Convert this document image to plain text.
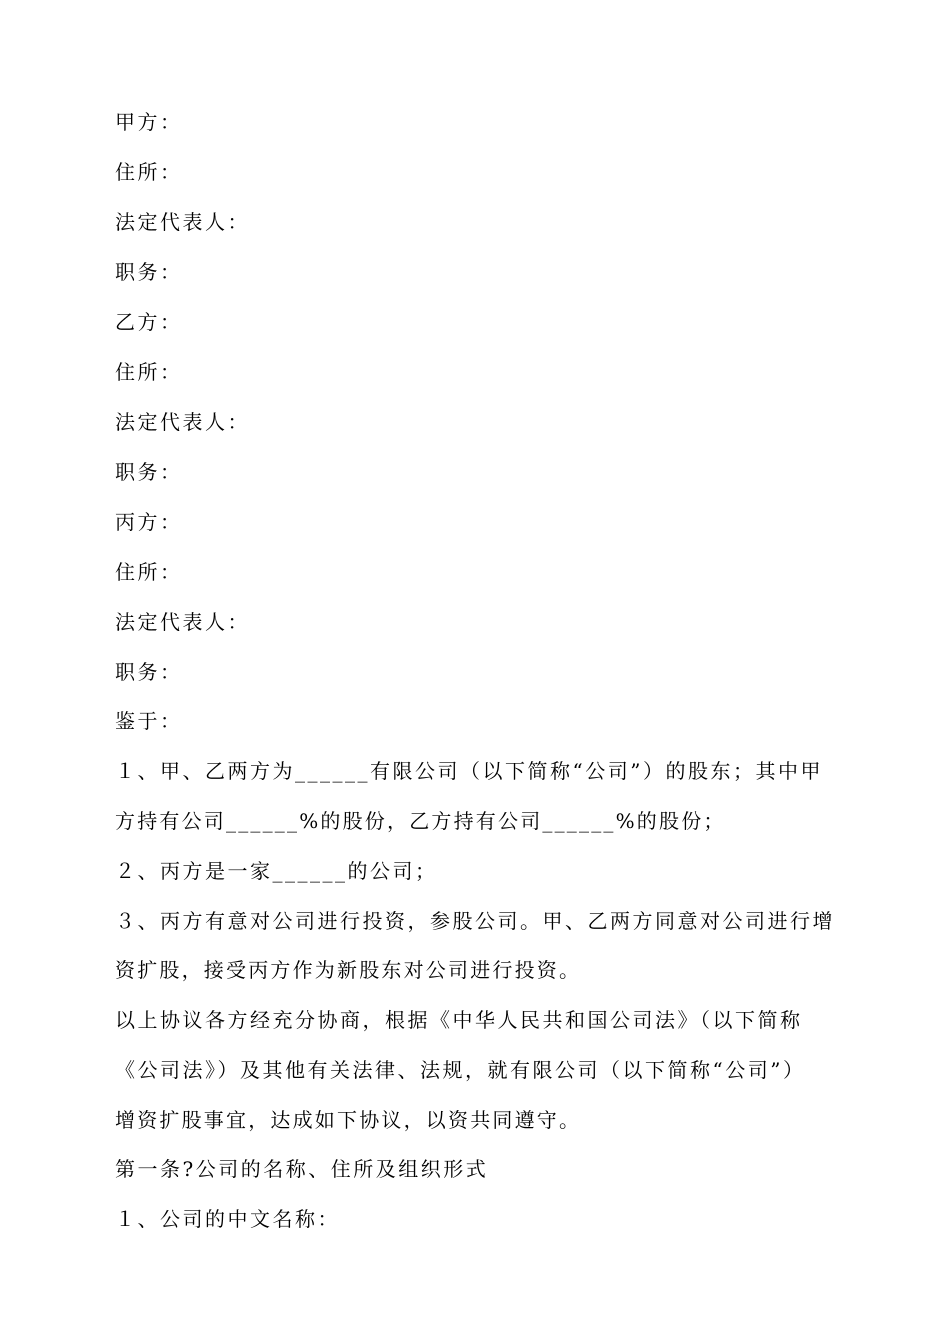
甲方：
住所：
法定代表人：
职务：
乙方：
住所：
法定代表人：
职务：
丙方：
住所：
法定代表人：
职务：
鉴于：
１、甲、乙两方为______有限公司（以下简称“公司”）的股东；其中甲
方持有公司______%的股份，乙方持有公司______%的股份；
２、丙方是一家______的公司；
３、丙方有意对公司进行投资，参股公司。甲、乙两方同意对公司进行增
资扩股，接受丙方作为新股东对公司进行投资。
以上协议各方经充分协商，根据《中华人民共和国公司法》（以下简称
《公司法》）及其他有关法律、法规，就有限公司（以下简称“公司”）
增资扩股事宜，达成如下协议，以资共同遵守。
第一条?公司的名称、住所及组织形式
１、公司的中文名称：
